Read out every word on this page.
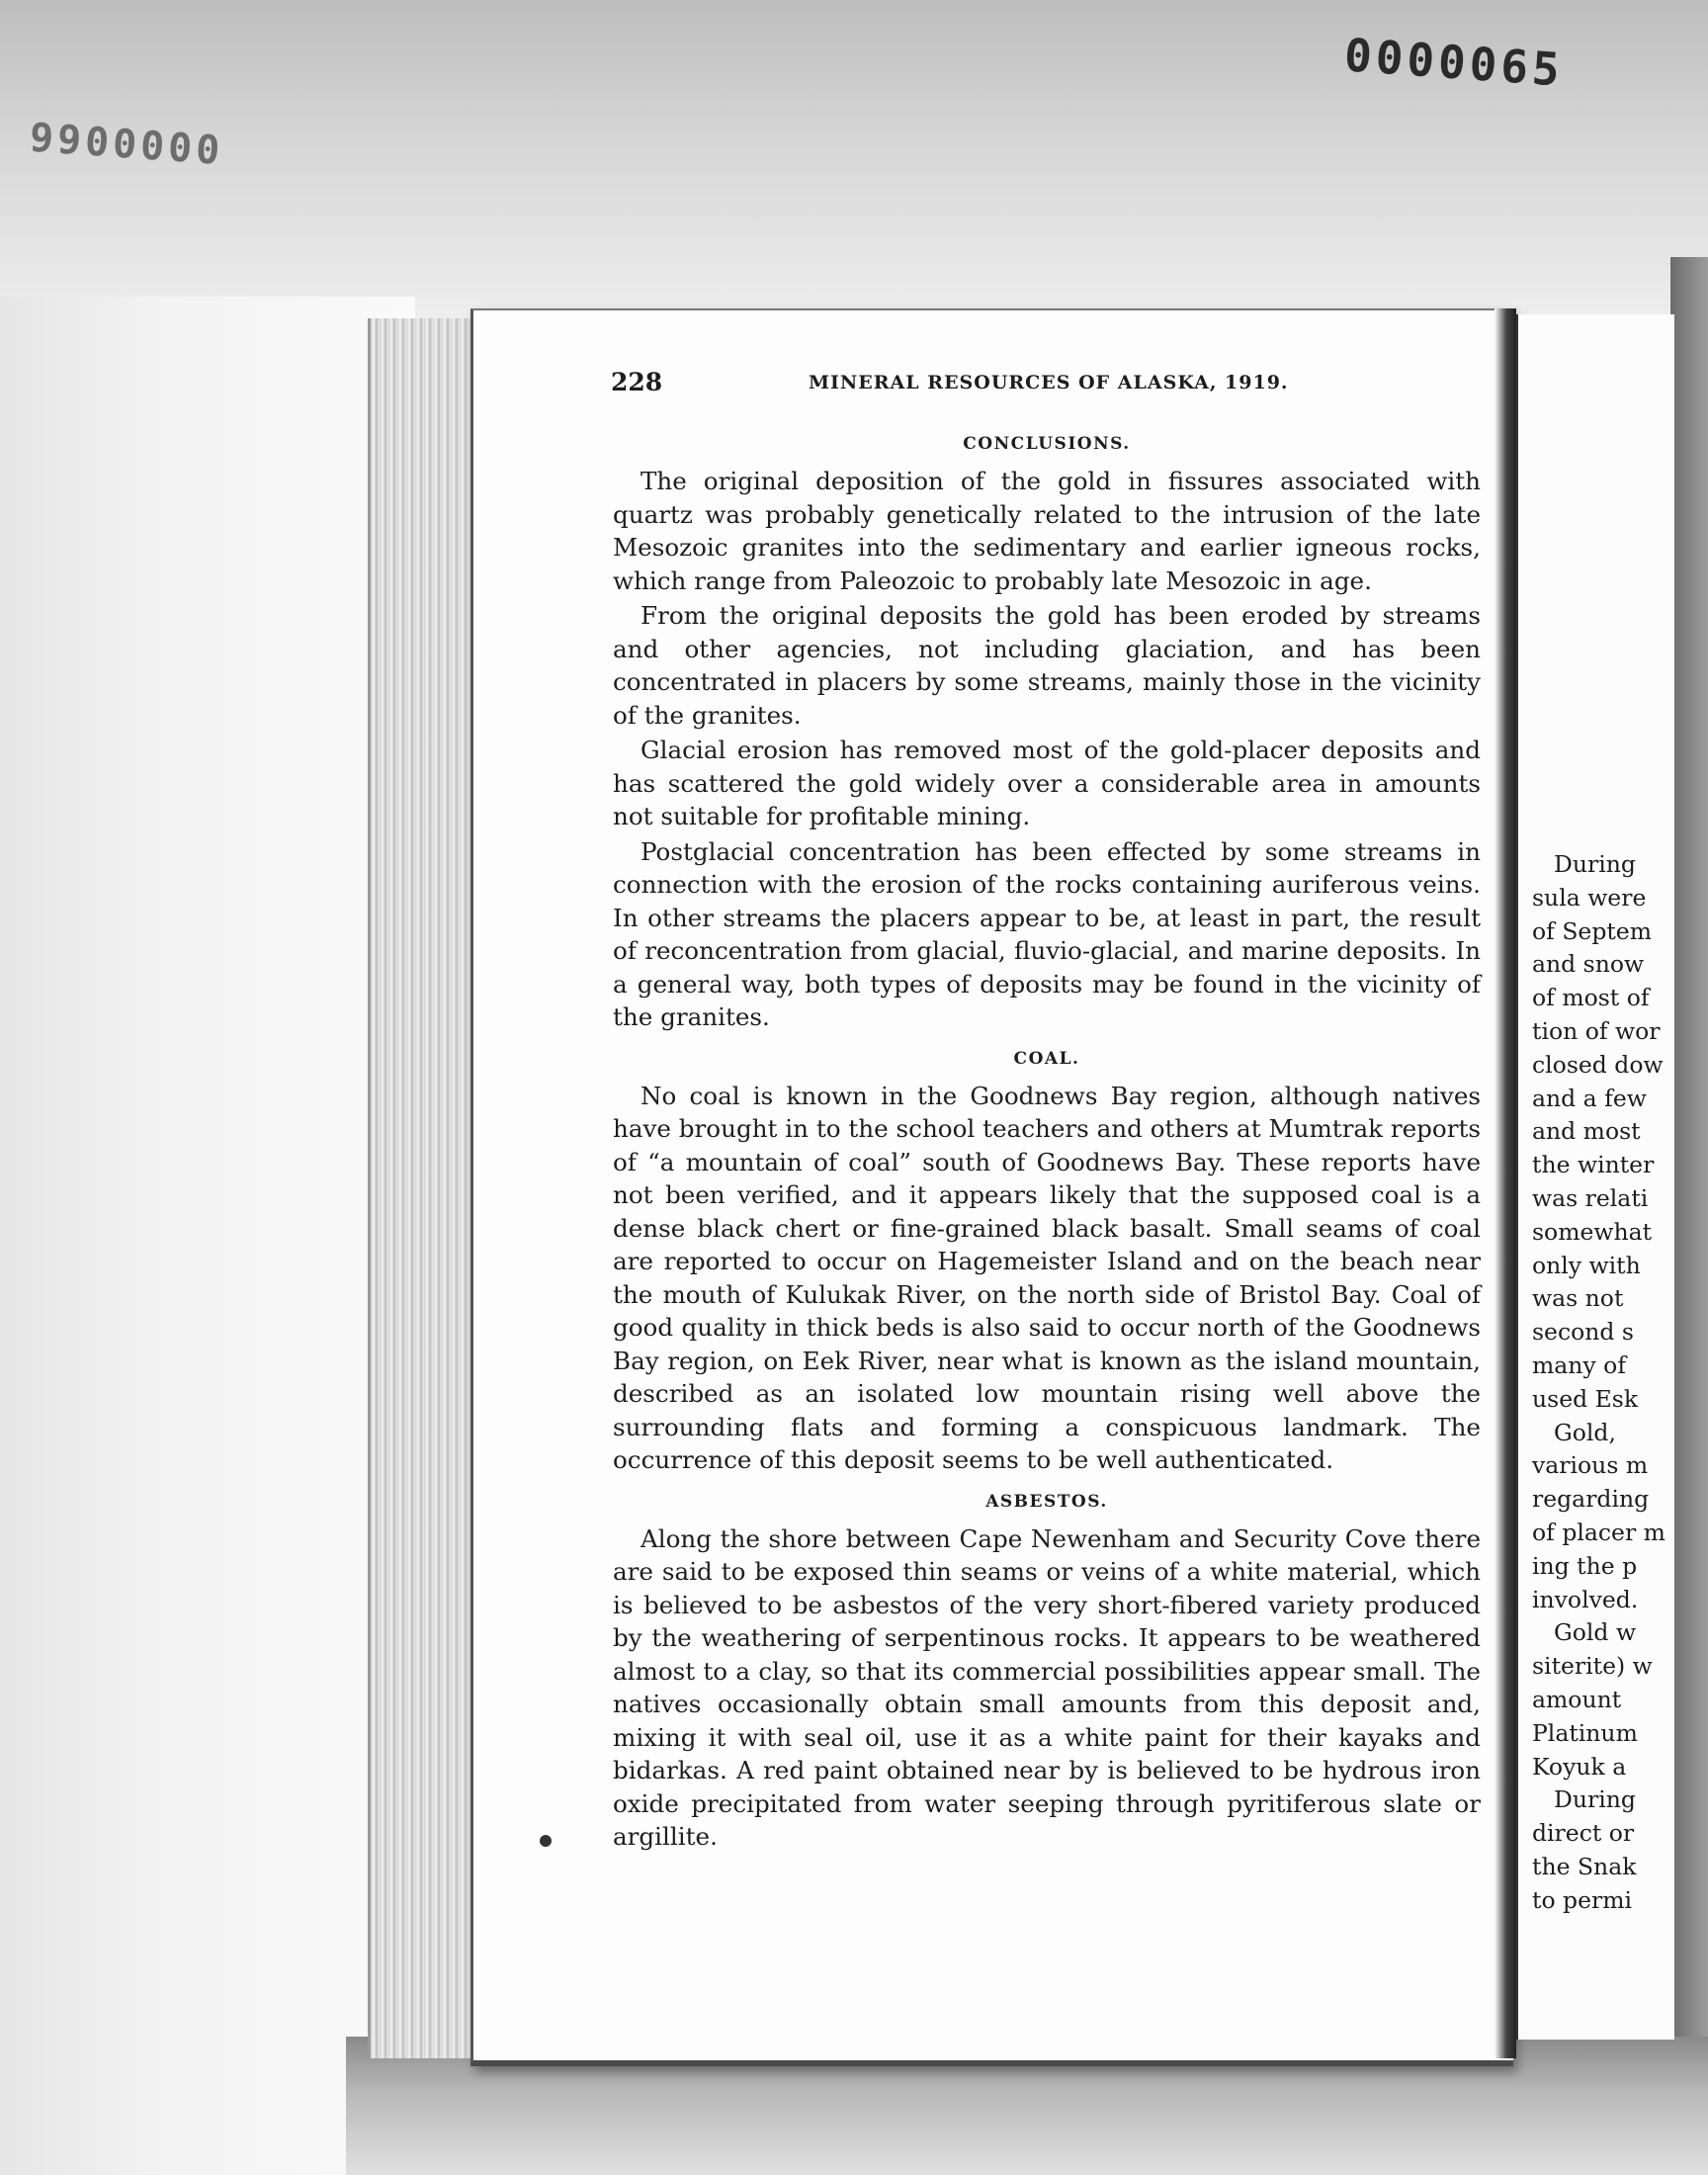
0000065
0000066
During
sula were
of Septem
and snow
of most of
tion of wor
closed dow
and a few
and most
the winter
was relati
somewhat
only with
was not
second s
many of
used Esk
Gold,
various m
regarding
of placer m
ing the p
involved.
Gold w
siterite) w
amount
Platinum
Koyuk a
During
direct or
the Snak
to permi
228	MINERAL RESOURCES OF ALASKA, 1919.
CONCLUSIONS.

The original deposition of the gold in fissures associated with quartz was probably genetically related to the intrusion of the late Mesozoic granites into the sedimentary and earlier igneous rocks, which range from Paleozoic to probably late Mesozoic in age.

From the original deposits the gold has been eroded by streams and other agencies, not including glaciation, and has been concentrated in placers by some streams, mainly those in the vicinity of the granites.

Glacial erosion has removed most of the gold-placer deposits and has scattered the gold widely over a considerable area in amounts not suitable for profitable mining.

Postglacial concentration has been effected by some streams in connection with the erosion of the rocks containing auriferous veins. In other streams the placers appear to be, at least in part, the result of reconcentration from glacial, fluvio-glacial, and marine deposits. In a general way, both types of deposits may be found in the vicinity of the granites.

COAL.

No coal is known in the Goodnews Bay region, although natives have brought in to the school teachers and others at Mumtrak reports of “a mountain of coal” south of Goodnews Bay. These reports have not been verified, and it appears likely that the supposed coal is a dense black chert or fine-grained black basalt. Small seams of coal are reported to occur on Hagemeister Island and on the beach near the mouth of Kulukak River, on the north side of Bristol Bay. Coal of good quality in thick beds is also said to occur north of the Goodnews Bay region, on Eek River, near what is known as the island mountain, described as an isolated low mountain rising well above the surrounding flats and forming a conspicuous landmark. The occurrence of this deposit seems to be well authenticated.

ASBESTOS.

Along the shore between Cape Newenham and Security Cove there are said to be exposed thin seams or veins of a white material, which is believed to be asbestos of the very short-fibered variety produced by the weathering of serpentinous rocks. It appears to be weathered almost to a clay, so that its commercial possibilities appear small. The natives occasionally obtain small amounts from this deposit and, mixing it with seal oil, use it as a white paint for their kayaks and bidarkas. A red paint obtained near by is believed to be hydrous iron oxide precipitated from water seeping through pyritiferous slate or argillite.
